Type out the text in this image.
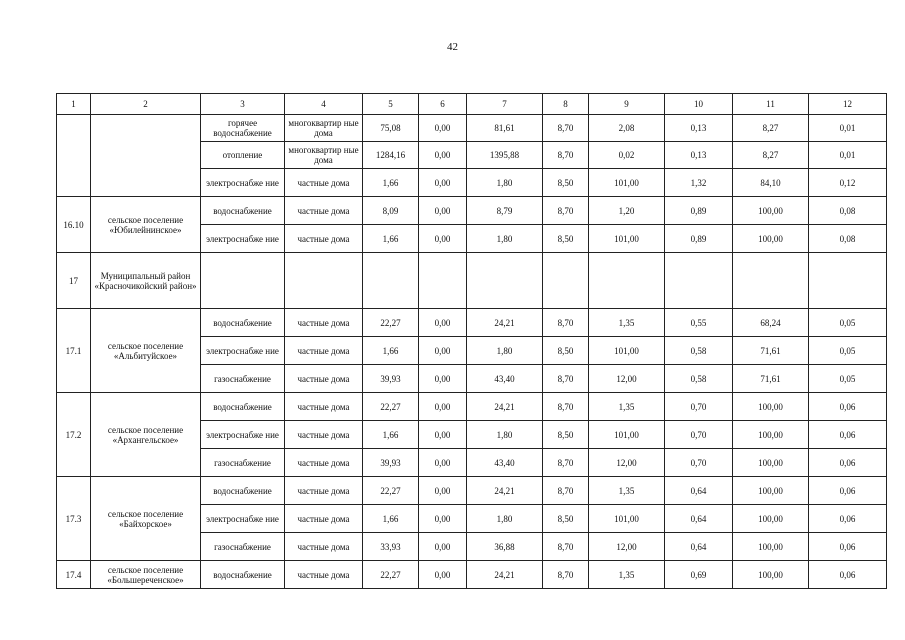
42
1	2	3	4	5	6	7	8	9	10	11	12
		горячее водоснабжение	многоквартир ные дома	75,08	0,00	81,61	8,70	2,08	0,13	8,27	0,01
		отопление	многоквартир ные дома	1284,16	0,00	1395,88	8,70	0,02	0,13	8,27	0,01
		электроснабже ние	частные дома	1,66	0,00	1,80	8,50	101,00	1,32	84,10	0,12
16.10	сельское поселение «Юбилейнинское»	водоснабжение	частные дома	8,09	0,00	8,79	8,70	1,20	0,89	100,00	0,08
		электроснабже ние	частные дома	1,66	0,00	1,80	8,50	101,00	0,89	100,00	0,08
17	Муниципальный район «Красночикойский район»										
17.1	сельское поселение «Альбитуйское»	водоснабжение	частные дома	22,27	0,00	24,21	8,70	1,35	0,55	68,24	0,05
		электроснабже ние	частные дома	1,66	0,00	1,80	8,50	101,00	0,58	71,61	0,05
		газоснабжение	частные дома	39,93	0,00	43,40	8,70	12,00	0,58	71,61	0,05
17.2	сельское поселение «Архангельское»	водоснабжение	частные дома	22,27	0,00	24,21	8,70	1,35	0,70	100,00	0,06
		электроснабже ние	частные дома	1,66	0,00	1,80	8,50	101,00	0,70	100,00	0,06
		газоснабжение	частные дома	39,93	0,00	43,40	8,70	12,00	0,70	100,00	0,06
17.3	сельское поселение «Байхорское»	водоснабжение	частные дома	22,27	0,00	24,21	8,70	1,35	0,64	100,00	0,06
		электроснабже ние	частные дома	1,66	0,00	1,80	8,50	101,00	0,64	100,00	0,06
		газоснабжение	частные дома	33,93	0,00	36,88	8,70	12,00	0,64	100,00	0,06
17.4	сельское поселение «Большереченское»	водоснабжение	частные дома	22,27	0,00	24,21	8,70	1,35	0,69	100,00	0,06
